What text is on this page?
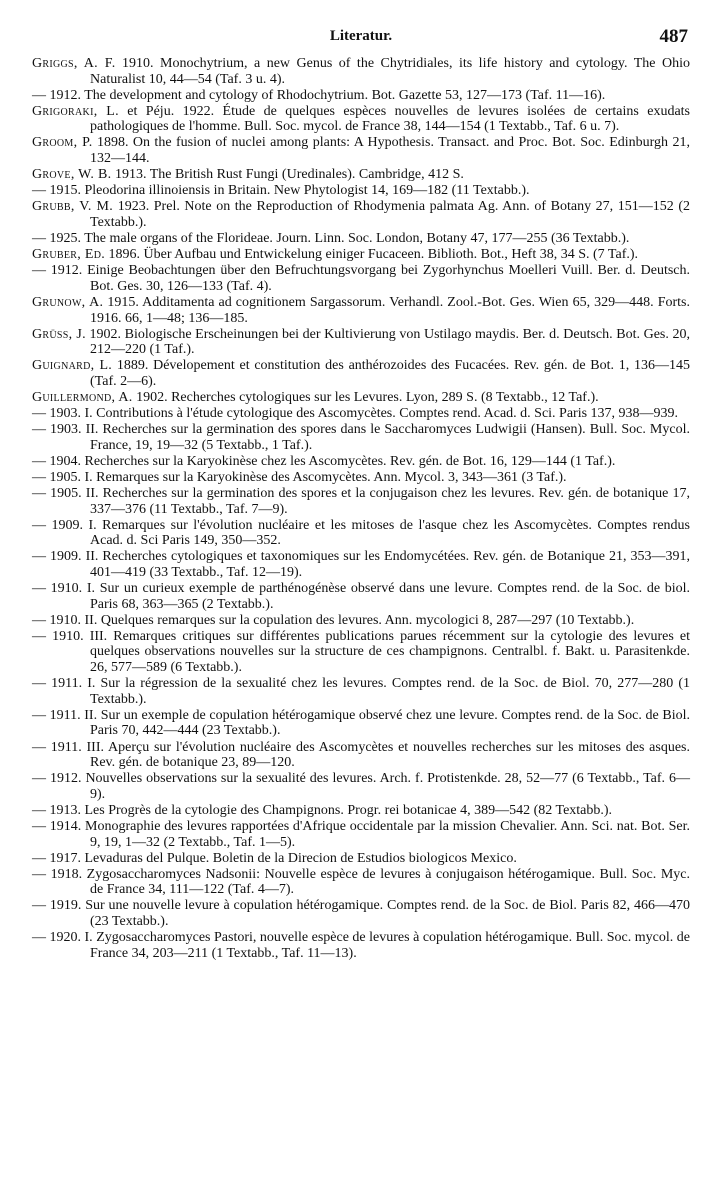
Literatur.	487

Griggs, A. F. 1910. Monochytrium, a new Genus of the Chytridiales, its life history and cytology. The Ohio Naturalist 10, 44—54 (Taf. 3 u. 4).

— 1912. The development and cytology of Rhodochytrium. Bot. Gazette 53, 127—173 (Taf. 11—16).

Grigoraki, L. et Péju. 1922. Étude de quelques espèces nouvelles de levures isolées de certains exudats pathologiques de l'homme. Bull. Soc. mycol. de France 38, 144—154 (1 Textabb., Taf. 6 u. 7).

Groom, P. 1898. On the fusion of nuclei among plants: A Hypothesis. Transact. and Proc. Bot. Soc. Edinburgh 21, 132—144.

Grove, W. B. 1913. The British Rust Fungi (Uredinales). Cambridge, 412 S.

— 1915. Pleodorina illinoiensis in Britain. New Phytologist 14, 169—182 (11 Textabb.).

Grubb, V. M. 1923. Prel. Note on the Reproduction of Rhodymenia palmata Ag. Ann. of Botany 27, 151—152 (2 Textabb.).

— 1925. The male organs of the Florideae. Journ. Linn. Soc. London, Botany 47, 177—255 (36 Textabb.).

Gruber, Ed. 1896. Über Aufbau und Entwickelung einiger Fucaceen. Biblioth. Bot., Heft 38, 34 S. (7 Taf.).

— 1912. Einige Beobachtungen über den Befruchtungsvorgang bei Zygorhynchus Moelleri Vuill. Ber. d. Deutsch. Bot. Ges. 30, 126—133 (Taf. 4).

Grunow, A. 1915. Additamenta ad cognitionem Sargassorum. Verhandl. Zool.-Bot. Ges. Wien 65, 329—448. Forts. 1916. 66, 1—48; 136—185.

Grüss, J. 1902. Biologische Erscheinungen bei der Kultivierung von Ustilago maydis. Ber. d. Deutsch. Bot. Ges. 20, 212—220 (1 Taf.).

Guignard, L. 1889. Dévelopement et constitution des anthérozoides des Fucacées. Rev. gén. de Bot. 1, 136—145 (Taf. 2—6).

Guillermond, A. 1902. Recherches cytologiques sur les Levures. Lyon, 289 S. (8 Textabb., 12 Taf.).

— 1903. I. Contributions à l'étude cytologique des Ascomycètes. Comptes rend. Acad. d. Sci. Paris 137, 938—939.

— 1903. II. Recherches sur la germination des spores dans le Saccharomyces Ludwigii (Hansen). Bull. Soc. Mycol. France, 19, 19—32 (5 Textabb., 1 Taf.).

— 1904. Recherches sur la Karyokinèse chez les Ascomycètes. Rev. gén. de Bot. 16, 129—144 (1 Taf.).

— 1905. I. Remarques sur la Karyokinèse des Ascomycètes. Ann. Mycol. 3, 343—361 (3 Taf.).

— 1905. II. Recherches sur la germination des spores et la conjugaison chez les levures. Rev. gén. de botanique 17, 337—376 (11 Textabb., Taf. 7—9).

— 1909. I. Remarques sur l'évolution nucléaire et les mitoses de l'asque chez les Ascomycètes. Comptes rendus Acad. d. Sci Paris 149, 350—352.

— 1909. II. Recherches cytologiques et taxonomiques sur les Endomycétées. Rev. gén. de Botanique 21, 353—391, 401—419 (33 Textabb., Taf. 12—19).

— 1910. I. Sur un curieux exemple de parthénogénèse observé dans une levure. Comptes rend. de la Soc. de biol. Paris 68, 363—365 (2 Textabb.).

— 1910. II. Quelques remarques sur la copulation des levures. Ann. mycologici 8, 287—297 (10 Textabb.).

— 1910. III. Remarques critiques sur différentes publications parues récemment sur la cytologie des levures et quelques observations nouvelles sur la structure de ces champignons. Centralbl. f. Bakt. u. Parasitenkde. 26, 577—589 (6 Textabb.).

— 1911. I. Sur la régression de la sexualité chez les levures. Comptes rend. de la Soc. de Biol. 70, 277—280 (1 Textabb.).

— 1911. II. Sur un exemple de copulation hétérogamique observé chez une levure. Comptes rend. de la Soc. de Biol. Paris 70, 442—444 (23 Textabb.).

— 1911. III. Aperçu sur l'évolution nucléaire des Ascomycètes et nouvelles recherches sur les mitoses des asques. Rev. gén. de botanique 23, 89—120.

— 1912. Nouvelles observations sur la sexualité des levures. Arch. f. Protistenkde. 28, 52—77 (6 Textabb., Taf. 6—9).

— 1913. Les Progrès de la cytologie des Champignons. Progr. rei botanicae 4, 389—542 (82 Textabb.).

— 1914. Monographie des levures rapportées d'Afrique occidentale par la mission Chevalier. Ann. Sci. nat. Bot. Ser. 9, 19, 1—32 (2 Textabb., Taf. 1—5).

— 1917. Levaduras del Pulque. Boletin de la Direcion de Estudios biologicos Mexico.

— 1918. Zygosaccharomyces Nadsonii: Nouvelle espèce de levures à conjugaison hétérogamique. Bull. Soc. Myc. de France 34, 111—122 (Taf. 4—7).

— 1919. Sur une nouvelle levure à copulation hétérogamique. Comptes rend. de la Soc. de Biol. Paris 82, 466—470 (23 Textabb.).

— 1920. I. Zygosaccharomyces Pastori, nouvelle espèce de levures à copulation hétérogamique. Bull. Soc. mycol. de France 34, 203—211 (1 Textabb., Taf. 11—13).
